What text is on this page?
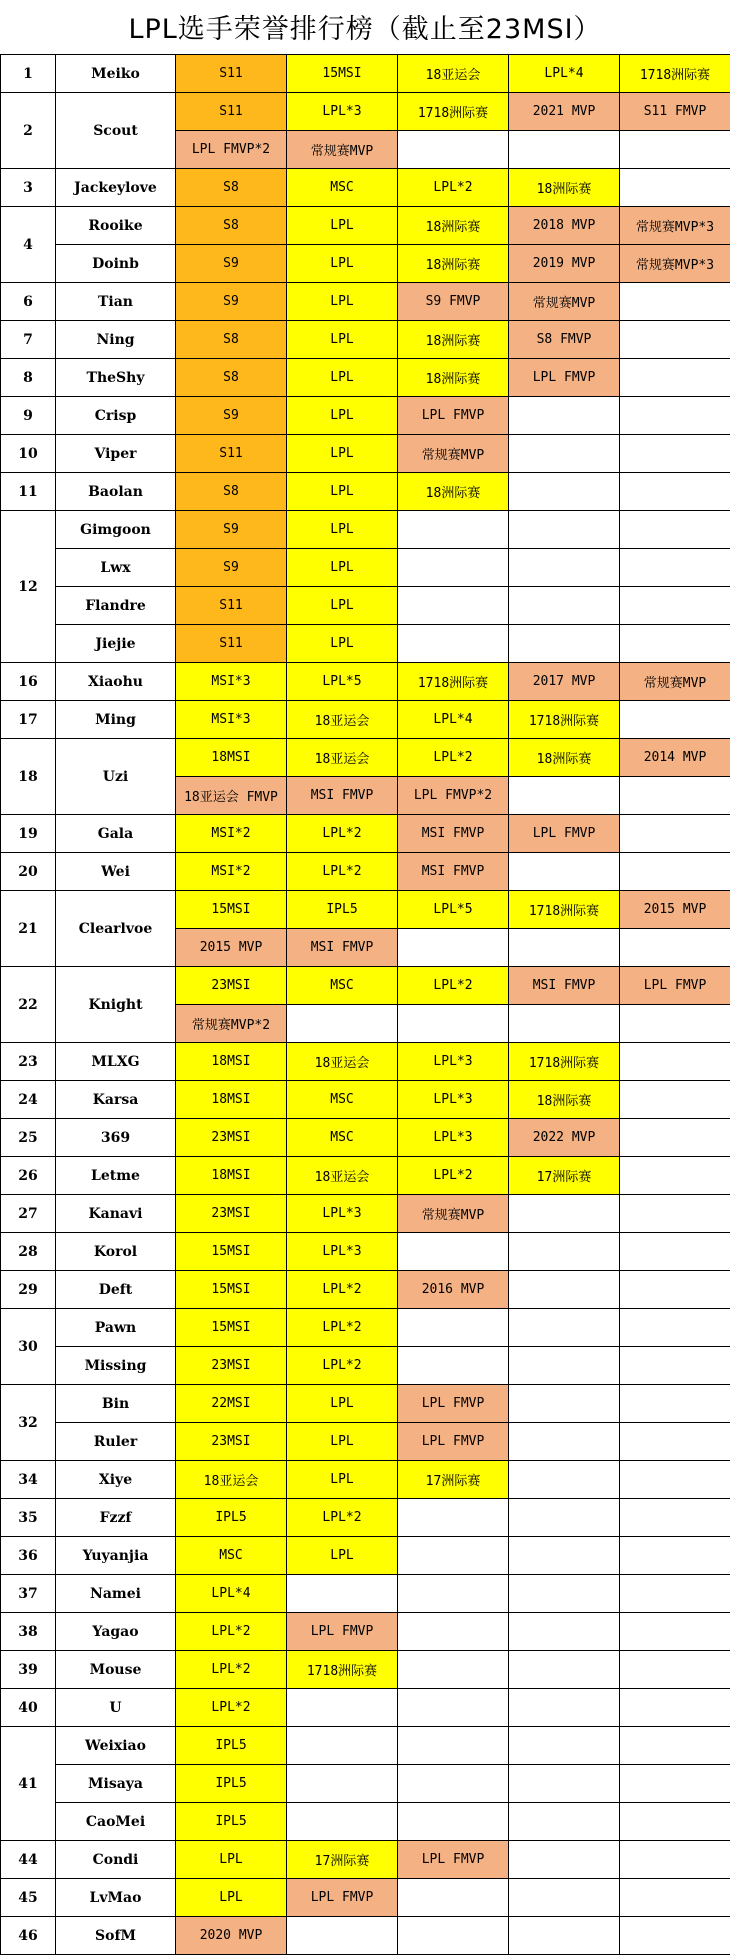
LPL选手荣誉排行榜（截止至23MSI）
1	Meiko	S11	15MSI	18亚运会	LPL*4	1718洲际赛
2	Scout	S11	LPL*3	1718洲际赛	2021 MVP	S11 FMVP
		LPL FMVP*2	常规赛MVP			
3	Jackeylove	S8	MSC	LPL*2	18洲际赛	
4	Rooike	S8	LPL	18洲际赛	2018 MVP	常规赛MVP*3
	Doinb	S9	LPL	18洲际赛	2019 MVP	常规赛MVP*3
6	Tian	S9	LPL	S9 FMVP	常规赛MVP	
7	Ning	S8	LPL	18洲际赛	S8 FMVP	
8	TheShy	S8	LPL	18洲际赛	LPL FMVP	
9	Crisp	S9	LPL	LPL FMVP		
10	Viper	S11	LPL	常规赛MVP		
11	Baolan	S8	LPL	18洲际赛		
12	Gimgoon	S9	LPL			
	Lwx	S9	LPL			
	Flandre	S11	LPL			
	Jiejie	S11	LPL			
16	Xiaohu	MSI*3	LPL*5	1718洲际赛	2017 MVP	常规赛MVP
17	Ming	MSI*3	18亚运会	LPL*4	1718洲际赛	
18	Uzi	18MSI	18亚运会	LPL*2	18洲际赛	2014 MVP
		18亚运会 FMVP	MSI FMVP	LPL FMVP*2		
19	Gala	MSI*2	LPL*2	MSI FMVP	LPL FMVP	
20	Wei	MSI*2	LPL*2	MSI FMVP		
21	Clearlvoe	15MSI	IPL5	LPL*5	1718洲际赛	2015 MVP
		2015 MVP	MSI FMVP			
22	Knight	23MSI	MSC	LPL*2	MSI FMVP	LPL FMVP
		常规赛MVP*2				
23	MLXG	18MSI	18亚运会	LPL*3	1718洲际赛	
24	Karsa	18MSI	MSC	LPL*3	18洲际赛	
25	369	23MSI	MSC	LPL*3	2022 MVP	
26	Letme	18MSI	18亚运会	LPL*2	17洲际赛	
27	Kanavi	23MSI	LPL*3	常规赛MVP		
28	Korol	15MSI	LPL*3			
29	Deft	15MSI	LPL*2	2016 MVP		
30	Pawn	15MSI	LPL*2			
	Missing	23MSI	LPL*2			
32	Bin	22MSI	LPL	LPL FMVP		
	Ruler	23MSI	LPL	LPL FMVP		
34	Xiye	18亚运会	LPL	17洲际赛		
35	Fzzf	IPL5	LPL*2			
36	Yuyanjia	MSC	LPL			
37	Namei	LPL*4				
38	Yagao	LPL*2	LPL FMVP			
39	Mouse	LPL*2	1718洲际赛			
40	U	LPL*2				
41	Weixiao	IPL5				
	Misaya	IPL5				
	CaoMei	IPL5				
44	Condi	LPL	17洲际赛	LPL FMVP		
45	LvMao	LPL	LPL FMVP			
46	SofM	2020 MVP				
